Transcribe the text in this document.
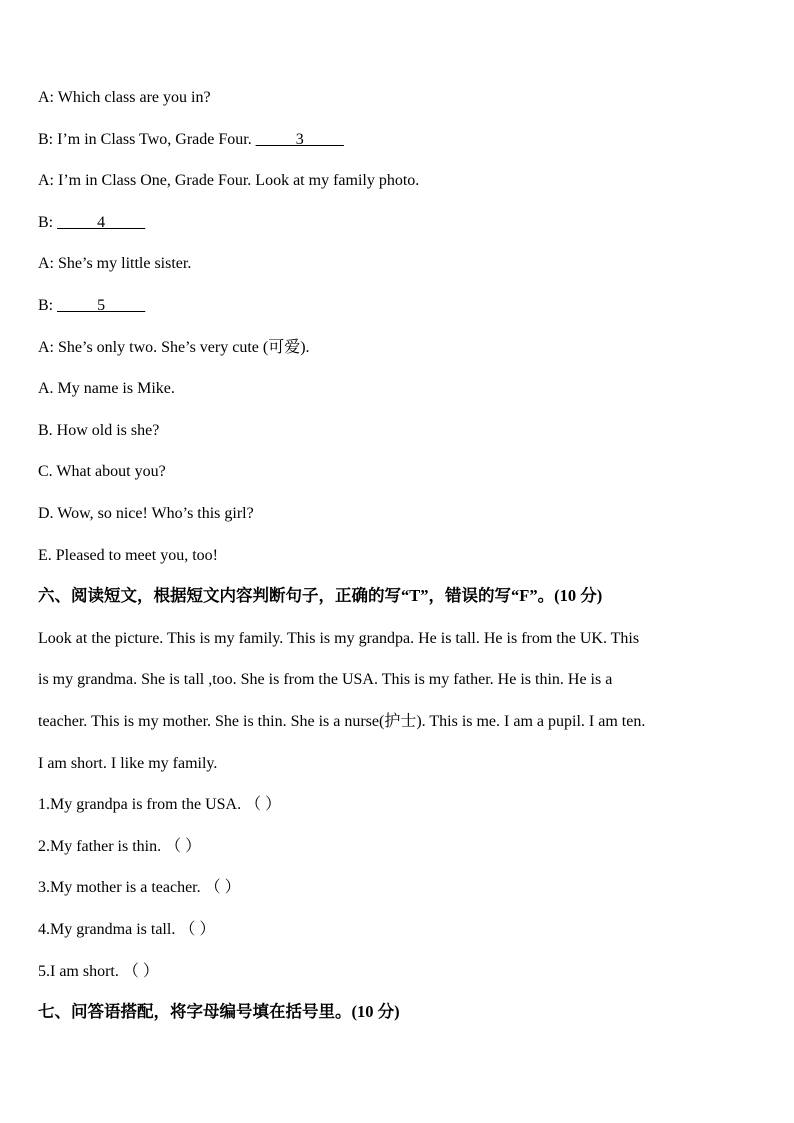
A: Which class are you in?
B: I’m in Class Two, Grade Four. _____3_____
A: I’m in Class One, Grade Four. Look at my family photo.
B: _____4_____
A: She’s my little sister.
B: _____5_____
A: She’s only two. She’s very cute (可爱).
A. My name is Mike.
B. How old is she?
C. What about you?
D. Wow, so nice! Who’s this girl?
E. Pleased to meet you, too!
六、阅读短文，根据短文内容判断句子，正确的写“T”，错误的写“F”。(10 分)
Look at the picture. This is my family. This is my grandpa. He is tall. He is from the UK. This
is my grandma. She is tall ,too. She is from the USA. This is my father. He is thin. He is a
teacher. This is my mother. She is thin. She is a nurse(护士). This is me. I am a pupil. I am ten.
I am short. I like my family.
1.My grandpa is from the USA. （ ）
2.My father is thin. （ ）
3.My mother is a teacher. （ ）
4.My grandma is tall. （ ）
5.I am short. （ ）
七、问答语搭配，将字母编号填在括号里。(10 分)
